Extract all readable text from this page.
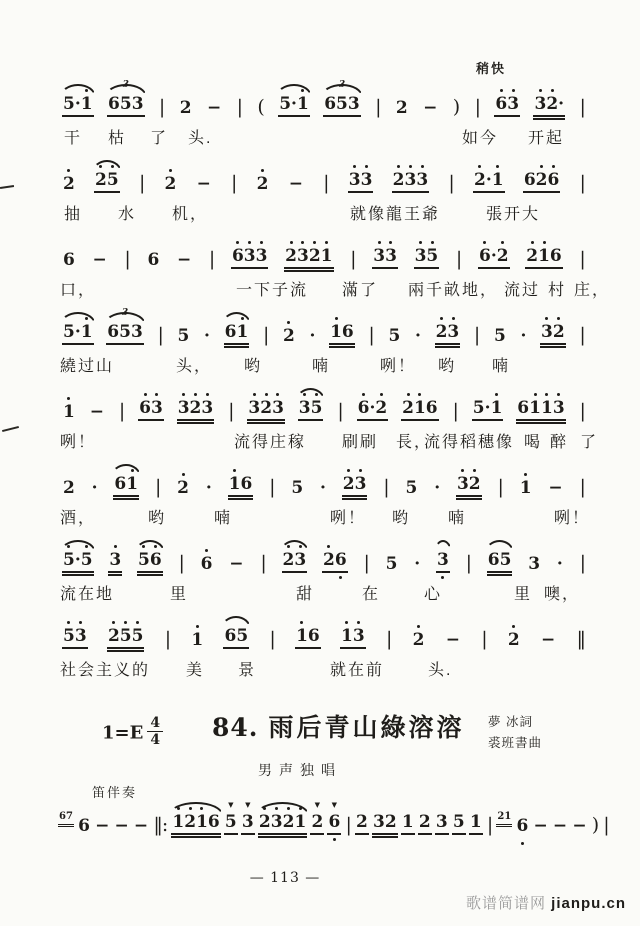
稍快
5·1 653
3
| 2 − | ( 5·1 653
3
| 2 − ) | 63 32· |
干 枯 了 头.	如今 开起
2 25 | 2 − | 2 − | 33 233 | 2·1 626 |
抽 水 机，	就像龍王爺	張开大
6 − | 6 − | 633 2321 | 33 35 | 6·2 216 |
口，	一下子流 滿了 兩千畝地， 流过 村 庄，
5·1 653
3
| 5 · 61 | 2 · 16 | 5 · 23 | 5 · 32 |
繞过山	头， 哟	喃	咧！ 哟 喃
1 − | 63 323 | 323 35 | 6·2 216 | 5·1 6113 |
咧！	流得庄稼 刷刷 長，
流得稻穗像 喝 醉 了
2 · 61 | 2 · 16 | 5 · 23 | 5 · 32 | 1 − |
酒，	哟	喃	咧！ 哟 喃	咧！
5·5 3 56 | 6 − | 23 26 | 5 · 3 | 65 3 · |
流在地	里	甜	在	心	里 噢，
53 255 | 1 65 | 16 13 | 2 − | 2 − ‖
社会主义的 美 景	就在前	头.
$1=E \frac{4}{4} 84$. 雨后青山綠溶溶 夢 冰詞
裘班書曲
男声独唱
笛伴奏
67 6 − − − ‖: 1216 5
▼
3
▼
2321 2
▼
6
▼
| 2 32 1 2 3 5 1 | 21 6 − − − ) |
— 113 —
歌谱简谱网 jianpu.cn
